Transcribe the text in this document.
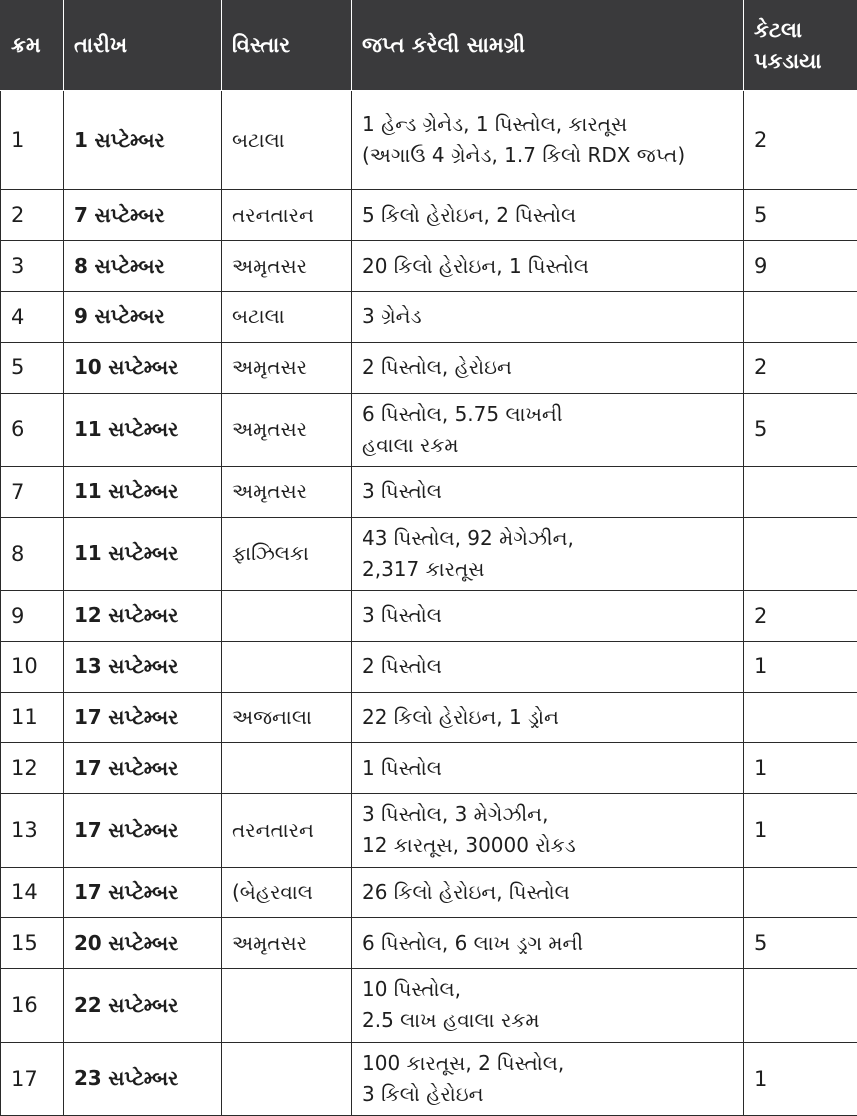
ક્રમ	તારીખ	વિસ્તાર	જપ્ત કરેલી સામગ્રી	કેટલા
પકડાયા

1	1 સપ્ટેમ્બર	બટાલા	1 હેન્ડ ગ્રેનેડ, 1 પિસ્તોલ, કારતૂસ
(અગાઉ 4 ગ્રેનેડ, 1.7 કિલો RDX જપ્ત)	2
2	7 સપ્ટેમ્બર	તરનતારન	5 કિલો હેરોઇન, 2 પિસ્તોલ	5
3	8 સપ્ટેમ્બર	અમૃતસર	20 કિલો હેરોઇન, 1 પિસ્તોલ	9
4	9 સપ્ટેમ્બર	બટાલા	3 ગ્રેનેડ	

5	10 સપ્ટેમ્બર	અમૃતસર	2 પિસ્તોલ, હેરોઇન	2
6	11 સપ્ટેમ્બર	અમૃતસર	6 પિસ્તોલ, 5.75 લાખની
હવાલા રકમ	5
7	11 સપ્ટેમ્બર	અમૃતસર	3 પિસ્તોલ	

8	11 સપ્ટેમ્બર	ફાઝિલકા	43 પિસ્તોલ, 92 મેગેઝીન,
2,317 કારતૂસ	

9	12 સપ્ટેમ્બર		3 પિસ્તોલ	2
10	13 સપ્ટેમ્બર		2 પિસ્તોલ	1
11	17 સપ્ટેમ્બર	અજનાલા	22 કિલો હેરોઇન, 1 ડ્રોન	

12	17 સપ્ટેમ્બર		1 પિસ્તોલ	1
13	17 સપ્ટેમ્બર	તરનતારન	3 પિસ્તોલ, 3 મેગેઝીન,
12 કારતૂસ, 30000 રોકડ	1
14	17 સપ્ટેમ્બર	(બેહરવાલ	26 કિલો હેરોઇન, પિસ્તોલ	

15	20 સપ્ટેમ્બર	અમૃતસર	6 પિસ્તોલ, 6 લાખ ડ્રગ મની	5
16	22 સપ્ટેમ્બર		10 પિસ્તોલ,
2.5 લાખ હવાલા રકમ	

17	23 સપ્ટેમ્બર		100 કારતૂસ, 2 પિસ્તોલ,
3 કિલો હેરોઇન	1
